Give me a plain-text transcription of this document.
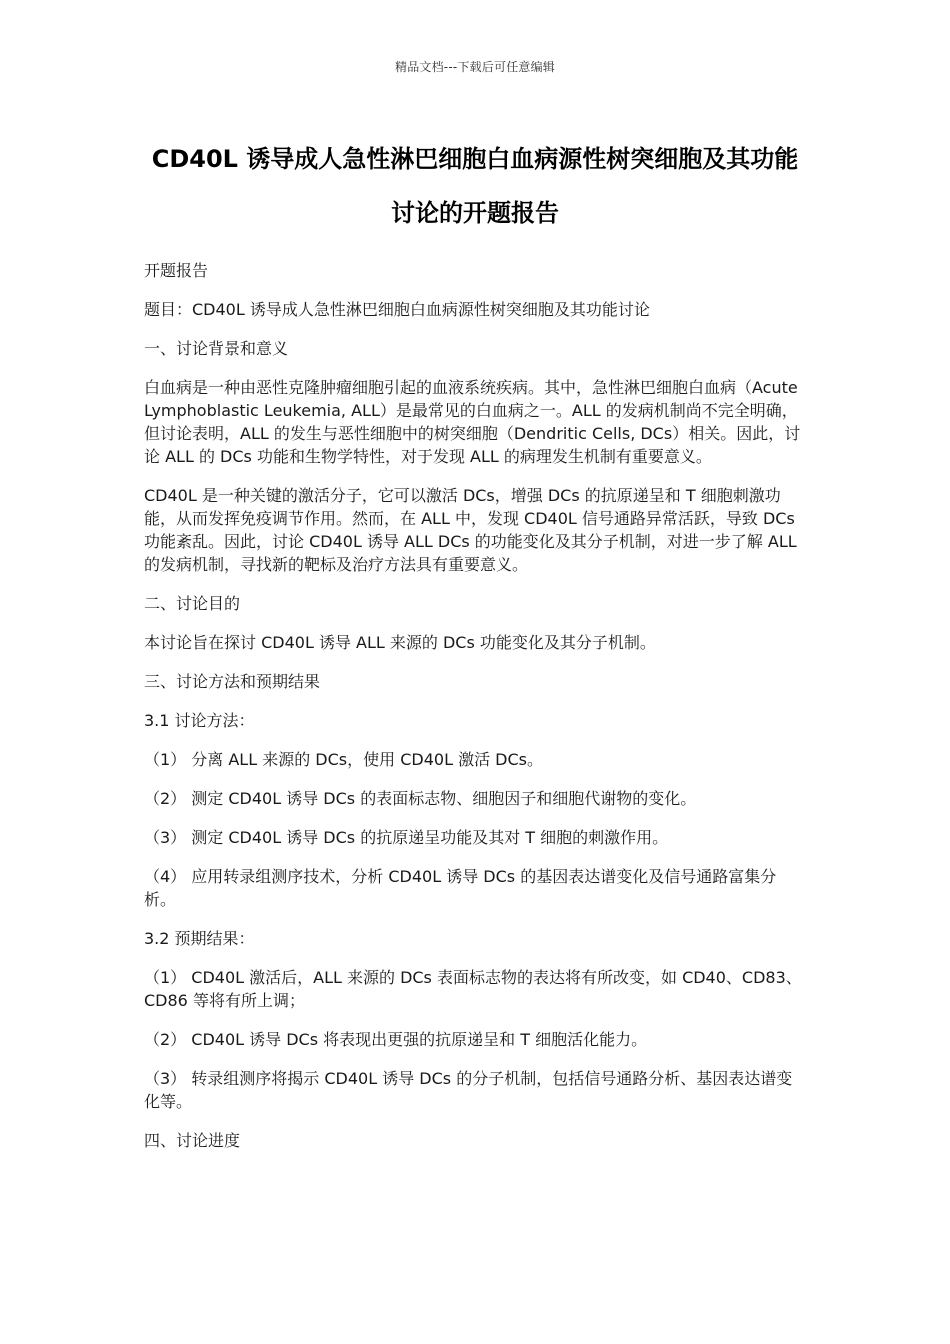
精品文档---下载后可任意编辑
CD40L 诱导成人急性淋巴细胞白血病源性树突细胞及其功能讨论的开题报告

开题报告

题目：CD40L 诱导成人急性淋巴细胞白血病源性树突细胞及其功能讨论

一、讨论背景和意义

白血病是一种由恶性克隆肿瘤细胞引起的血液系统疾病。其中，急性淋巴细胞白血病（Acute Lymphoblastic Leukemia, ALL）是最常见的白血病之一。ALL 的发病机制尚不完全明确，但讨论表明，ALL 的发生与恶性细胞中的树突细胞（Dendritic Cells, DCs）相关。因此，讨论 ALL 的 DCs 功能和生物学特性，对于发现 ALL 的病理发生机制有重要意义。

CD40L 是一种关键的激活分子，它可以激活 DCs，增强 DCs 的抗原递呈和 T 细胞刺激功能，从而发挥免疫调节作用。然而，在 ALL 中，发现 CD40L 信号通路异常活跃，导致 DCs 功能紊乱。因此，讨论 CD40L 诱导 ALL DCs 的功能变化及其分子机制，对进一步了解 ALL 的发病机制，寻找新的靶标及治疗方法具有重要意义。

二、讨论目的

本讨论旨在探讨 CD40L 诱导 ALL 来源的 DCs 功能变化及其分子机制。

三、讨论方法和预期结果

3.1 讨论方法：

（1） 分离 ALL 来源的 DCs，使用 CD40L 激活 DCs。

（2） 测定 CD40L 诱导 DCs 的表面标志物、细胞因子和细胞代谢物的变化。

（3） 测定 CD40L 诱导 DCs 的抗原递呈功能及其对 T 细胞的刺激作用。

（4） 应用转录组测序技术，分析 CD40L 诱导 DCs 的基因表达谱变化及信号通路富集分析。

3.2 预期结果：

（1） CD40L 激活后，ALL 来源的 DCs 表面标志物的表达将有所改变，如 CD40、CD83、CD86 等将有所上调；

（2） CD40L 诱导 DCs 将表现出更强的抗原递呈和 T 细胞活化能力。

（3） 转录组测序将揭示 CD40L 诱导 DCs 的分子机制，包括信号通路分析、基因表达谱变化等。

四、讨论进度
